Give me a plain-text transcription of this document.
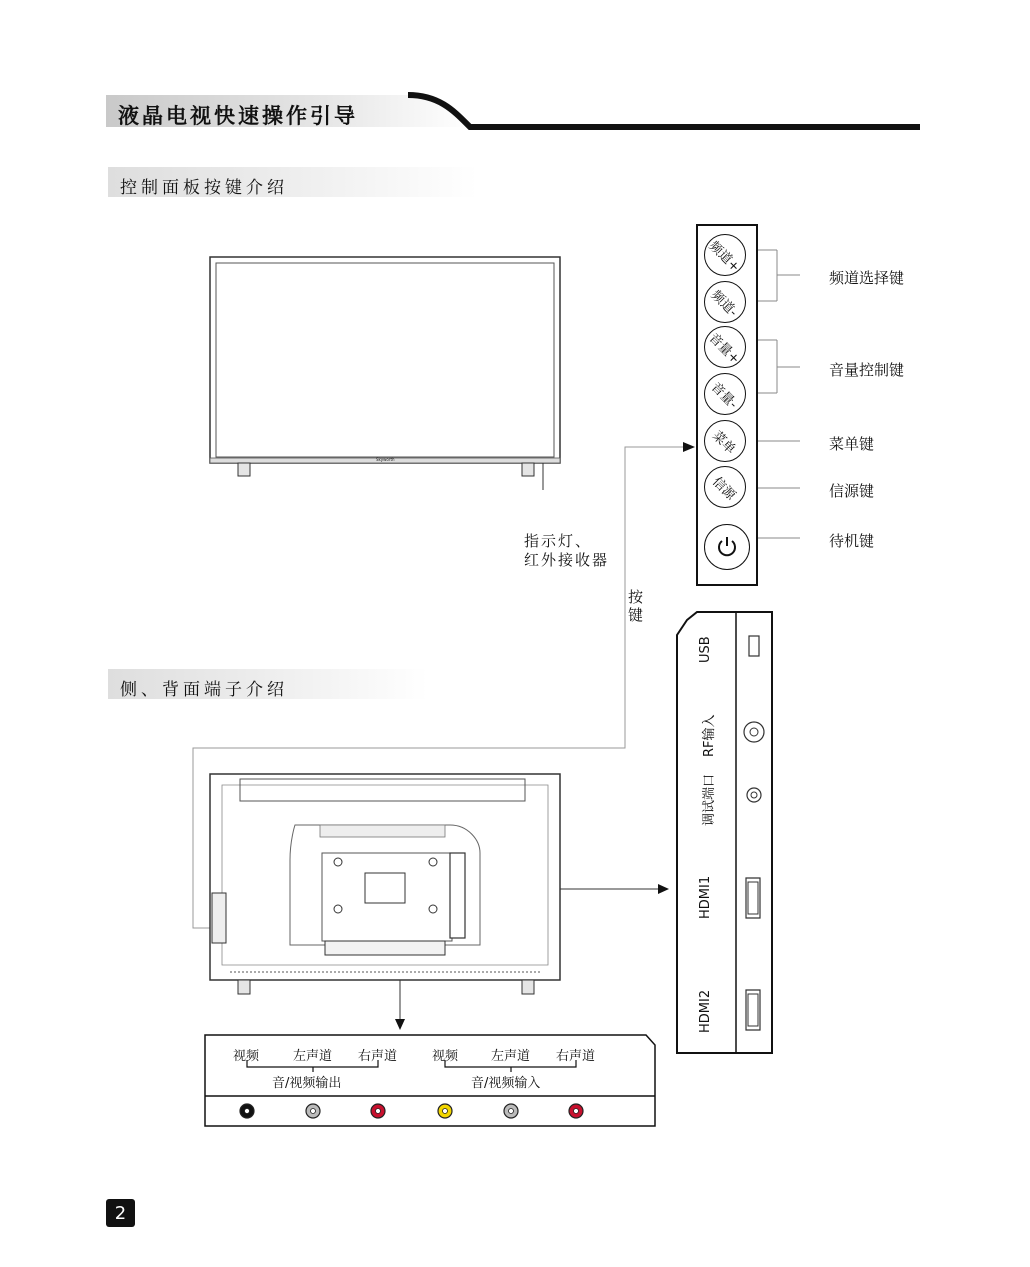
液晶电视快速操作引导
控制面板按键介绍
Skyworth
指示灯、
红外接收器
按
键
频道+
频道-
音量+
音量-
菜单
信源
频道选择键
音量控制键
菜单键
信源键
待机键
侧、背面端子介绍
USB
RF输入
调试端口
HDMI1
HDMI2
视频	左声道 右声道
音/视频输出
视频	左声道 右声道
音/视频输入
2
